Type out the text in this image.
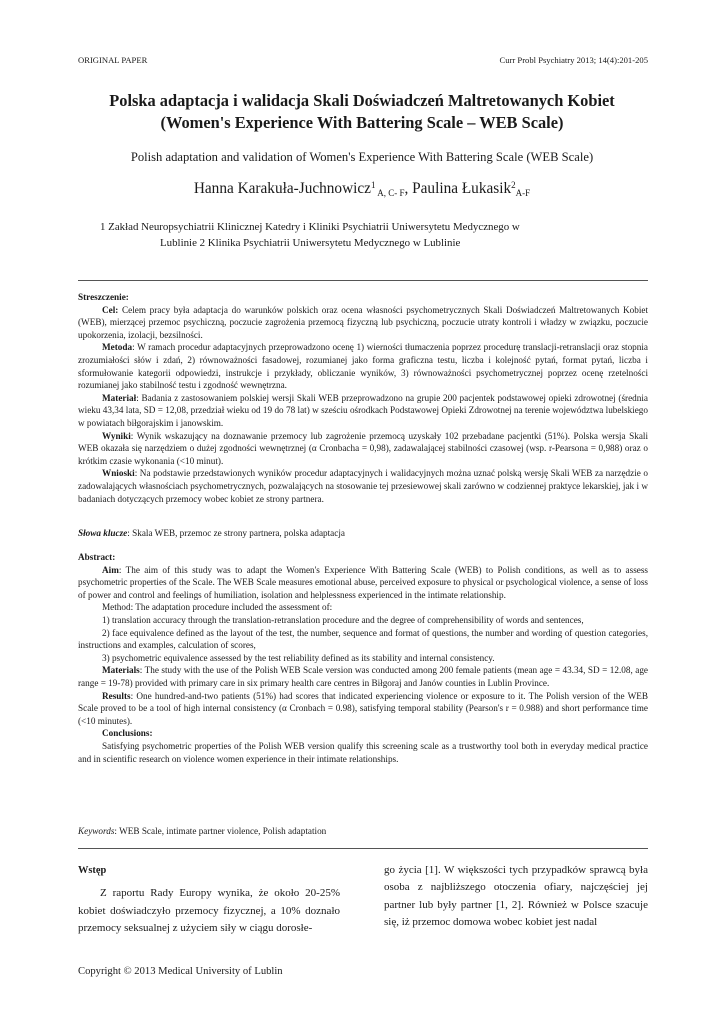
ORIGINAL PAPER	Curr Probl Psychiatry 2013; 14(4):201-205
Polska adaptacja i walidacja Skali Doświadczeń Maltretowanych Kobiet
(Women's Experience With Battering Scale – WEB Scale)
Polish adaptation and validation of Women's Experience With Battering Scale (WEB Scale)
Hanna Karakuła-Juchnowicz$^1$ $_{A, C- F}$, Paulina Łukasik$^2_{A-F}$
1 Zakład Neuropsychiatrii Klinicznej Katedry i Kliniki Psychiatrii Uniwersytetu Medycznego w
Lublinie 2 Klinika Psychiatrii Uniwersytetu Medycznego w Lublinie

Streszczenie:

Cel: Celem pracy była adaptacja do warunków polskich oraz ocena własności psychometrycznych Skali Doświadczeń Maltretowanych Kobiet (WEB), mierzącej przemoc psychiczną, poczucie zagrożenia przemocą fizyczną lub psychiczną, poczucie utraty kontroli i władzy w związku, poczucie upokorzenia, izolacji, bezsilności.

Metoda: W ramach procedur adaptacyjnych przeprowadzono ocenę 1) wierności tłumaczenia poprzez procedurę translacji-retranslacji oraz stopnia zrozumiałości słów i zdań, 2) równoważności fasadowej, rozumianej jako forma graficzna testu, liczba i kolejność pytań, format pytań, liczba i sformułowanie kategorii odpowiedzi, instrukcje i przykłady, obliczanie wyników, 3) równoważności psychometrycznej poprzez ocenę rzetelności rozumianej jako stabilność testu i zgodność wewnętrzna.

Materiał: Badania z zastosowaniem polskiej wersji Skali WEB przeprowadzono na grupie 200 pacjentek podstawowej opieki zdrowotnej (średnia wieku 43,34 lata, SD = 12,08, przedział wieku od 19 do 78 lat) w sześciu ośrodkach Podstawowej Opieki Zdrowotnej na terenie województwa lubelskiego w powiatach biłgorajskim i janowskim.

Wyniki: Wynik wskazujący na doznawanie przemocy lub zagrożenie przemocą uzyskały 102 przebadane pacjentki (51%). Polska wersja Skali WEB okazała się narzędziem o dużej zgodności wewnętrznej (α Cronbacha = 0,98), zadawalającej stabilności czasowej (wsp. r-Pearsona = 0,988) oraz o krótkim czasie wykonania (<10 minut).

Wnioski: Na podstawie przedstawionych wyników procedur adaptacyjnych i walidacyjnych można uznać polską wersję Skali WEB za narzędzie o zadowalających własnościach psychometrycznych, pozwalających na stosowanie tej przesiewowej skali zarówno w codziennej praktyce lekarskiej, jak i w badaniach dotyczących przemocy wobec kobiet ze strony partnera.

Słowa klucze: Skala WEB, przemoc ze strony partnera, polska adaptacja

Abstract:

Aim: The aim of this study was to adapt the Women's Experience With Battering Scale (WEB) to Polish conditions, as well as to assess psychometric properties of the Scale. The WEB Scale measures emotional abuse, perceived exposure to physical or psychological violence, a sense of loss of power and control and feelings of humiliation, isolation and helplessness experienced in the intimate relationship.

Method: The adaptation procedure included the assessment of:

1) translation accuracy through the translation-retranslation procedure and the degree of comprehensibility of words and sentences,

2) face equivalence defined as the layout of the test, the number, sequence and format of questions, the number and wording of question categories, instructions and examples, calculation of scores,

3) psychometric equivalence assessed by the test reliability defined as its stability and internal consistency.

Materials: The study with the use of the Polish WEB Scale version was conducted among 200 female patients (mean age = 43.34, SD = 12.08, age range = 19-78) provided with primary care in six primary health care centres in Biłgoraj and Janów counties in Lublin Province.

Results: One hundred-and-two patients (51%) had scores that indicated experiencing violence or exposure to it. The Polish version of the WEB Scale proved to be a tool of high internal consistency (α Cronbach = 0.98), satisfying temporal stability (Pearson's r = 0.988) and short performance time (<10 minutes).

Conclusions:

Satisfying psychometric properties of the Polish WEB version qualify this screening scale as a trustworthy tool both in everyday medical practice and in scientific research on violence women experience in their intimate relationships.

Keywords: WEB Scale, intimate partner violence, Polish adaptation
Wstęp

Z raportu Rady Europy wynika, że około 20-25% kobiet doświadczyło przemocy fizycznej, a 10% doznało przemocy seksualnej z użyciem siły w ciągu dorosłe-

go życia [1]. W większości tych przypadków sprawcą była osoba z najbliższego otoczenia ofiary, najczęściej jej partner lub były partner [1, 2]. Również w Polsce szacuje się, iż przemoc domowa wobec kobiet jest nadal

Copyright © 2013 Medical University of Lublin
